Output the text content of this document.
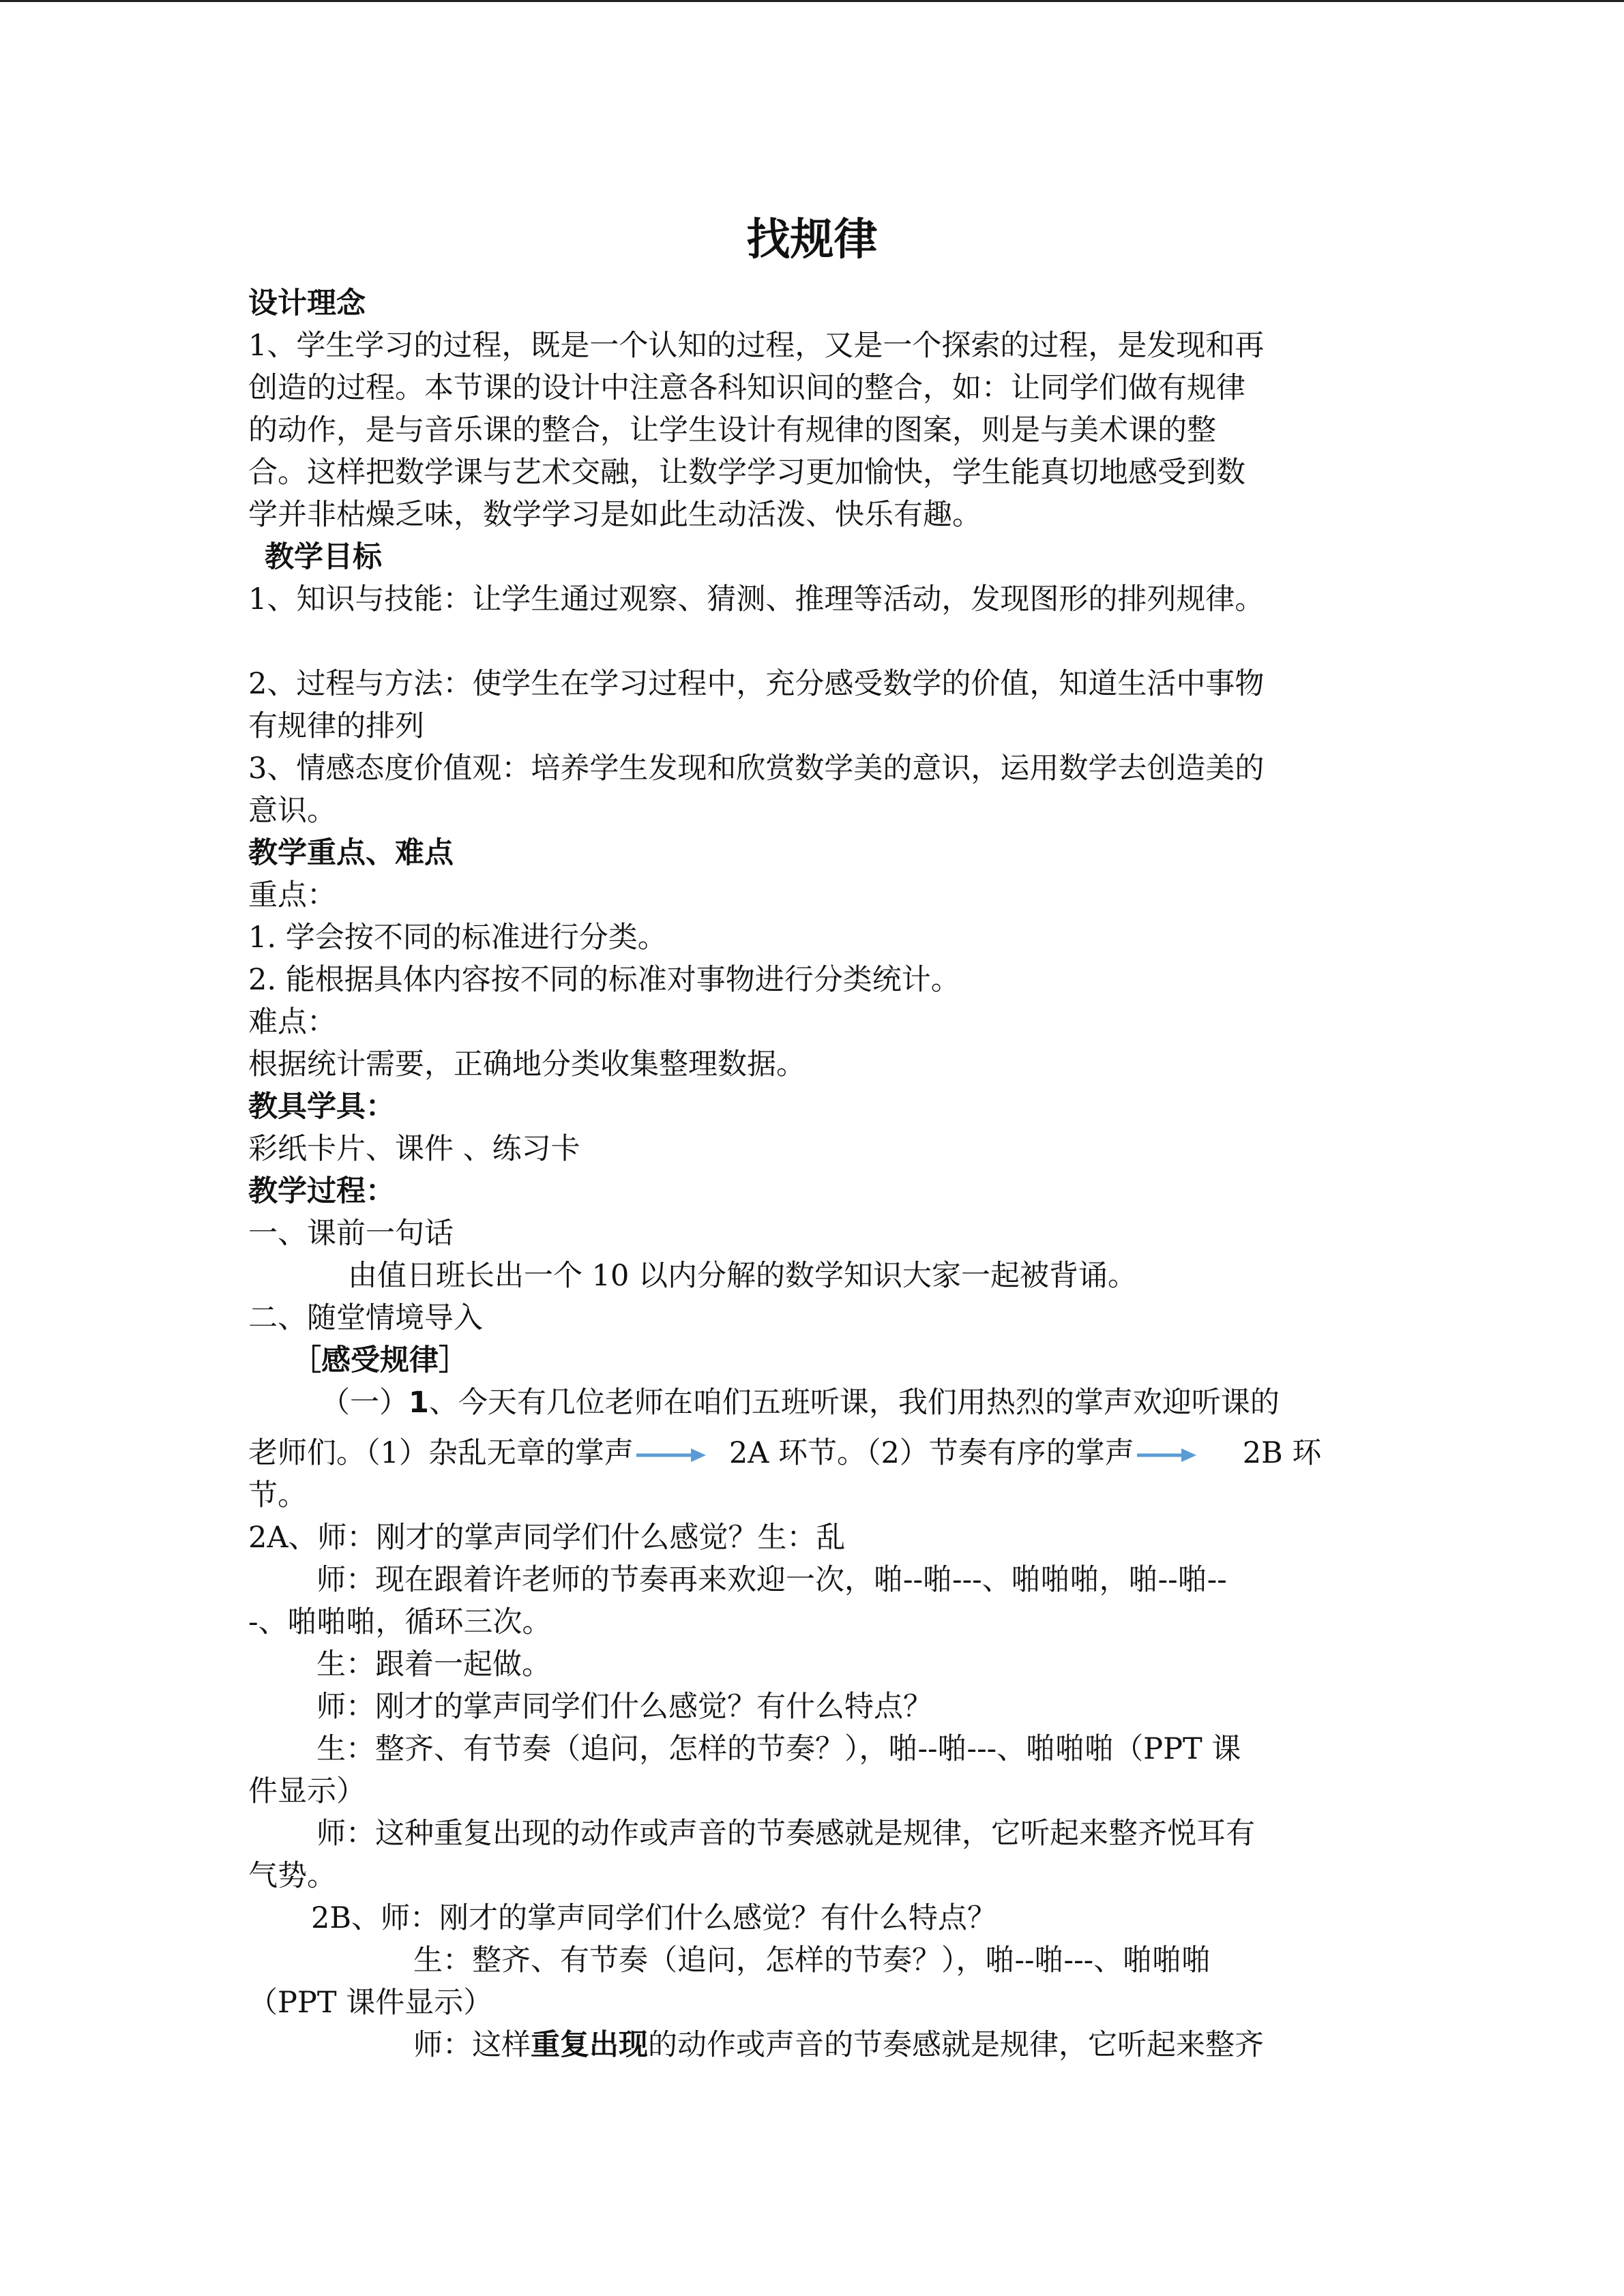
找规律

设计理念

1、学生学习的过程，既是一个认知的过程，又是一个探索的过程，是发现和再

创造的过程。本节课的设计中注意各科知识间的整合，如：让同学们做有规律

的动作，是与音乐课的整合，让学生设计有规律的图案，则是与美术课的整

合。这样把数学课与艺术交融，让数学学习更加愉快，学生能真切地感受到数

学并非枯燥乏味，数学学习是如此生动活泼、快乐有趣。

教学目标

1、知识与技能：让学生通过观察、猜测、推理等活动，发现图形的排列规律。

2、过程与方法：使学生在学习过程中，充分感受数学的价值，知道生活中事物

有规律的排列

3、情感态度价值观：培养学生发现和欣赏数学美的意识，运用数学去创造美的

意识。

教学重点、难点

重点：

1. 学会按不同的标准进行分类。

2. 能根据具体内容按不同的标准对事物进行分类统计。

难点：

根据统计需要，正确地分类收集整理数据。

教具学具：

彩纸卡片、课件 、练习卡

教学过程：

一、课前一句话

由值日班长出一个 10 以内分解的数学知识大家一起被背诵。

二、随堂情境导入

［感受规律］

（一）1、今天有几位老师在咱们五班听课，我们用热烈的掌声欢迎听课的

老师们。（1）杂乱无章的掌声	2A 环节。（2）节奏有序的掌声	2B 环

节。

2A、师：刚才的掌声同学们什么感觉？生：乱

师：现在跟着许老师的节奏再来欢迎一次，啪--啪---、啪啪啪，啪--啪--

-、啪啪啪，循环三次。

生：跟着一起做。

师：刚才的掌声同学们什么感觉？有什么特点？

生：整齐、有节奏（追问，怎样的节奏？），啪--啪---、啪啪啪（PPT 课

件显示）

师：这种重复出现的动作或声音的节奏感就是规律，它听起来整齐悦耳有

气势。

2B、师：刚才的掌声同学们什么感觉？有什么特点？

生：整齐、有节奏（追问，怎样的节奏？），啪--啪---、啪啪啪

（PPT 课件显示）

师：这样重复出现的动作或声音的节奏感就是规律，它听起来整齐
